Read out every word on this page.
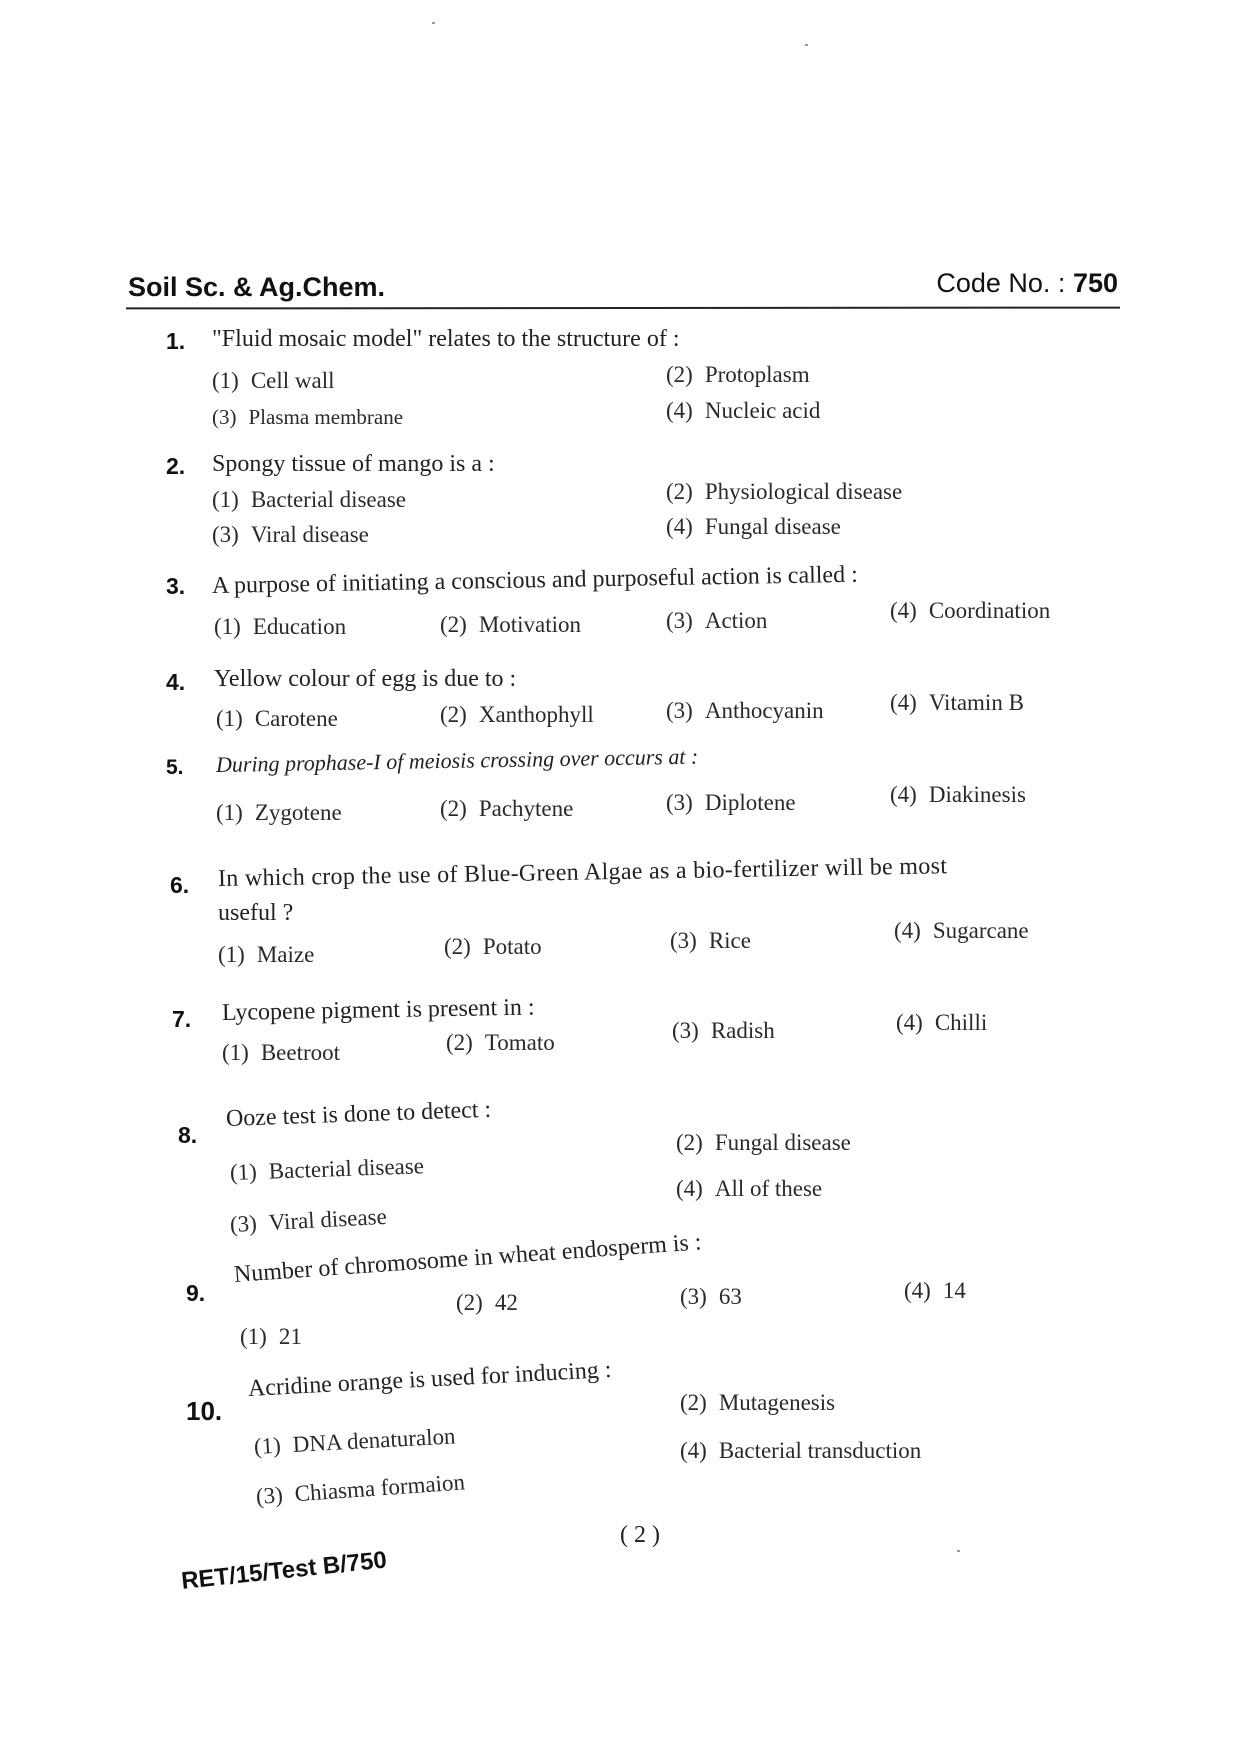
Soil Sc. & Ag.Chem.	Code No. : 750
1. "Fluid mosaic model" relates to the structure of :
(1) Cell wall	(2) Protoplasm
(3) Plasma membrane	(4) Nucleic acid
2. Spongy tissue of mango is a :
(1) Bacterial disease	(2) Physiological disease
(3) Viral disease	(4) Fungal disease
3. A purpose of initiating a conscious and purposeful action is called :
(1) Education	(2) Motivation	(3) Action	(4) Coordination
4. Yellow colour of egg is due to :
(1) Carotene	(2) Xanthophyll	(3) Anthocyanin	(4) Vitamin B
5. During prophase-I of meiosis crossing over occurs at :
(1) Zygotene	(2) Pachytene	(3) Diplotene	(4) Diakinesis
6. In which crop the use of Blue-Green Algae as a bio-fertilizer will be most
useful ?
(1) Maize	(2) Potato	(3) Rice	(4) Sugarcane
7. Lycopene pigment is present in :
(1) Beetroot	(2) Tomato	(3) Radish	(4) Chilli
8.
Ooze test is done to detect :
(1) Bacterial disease
(2) Fungal disease
(3) Viral disease
(4) All of these
9.
Number of chromosome in wheat endosperm is :
(1) 21
(2) 42	(3) 63	(4) 14
10.
Acridine orange is used for inducing :
(1) DNA denaturalon
(2) Mutagenesis
(3) Chiasma formaion
(4) Bacterial transduction
( 2 )
RET/15/Test B/750
